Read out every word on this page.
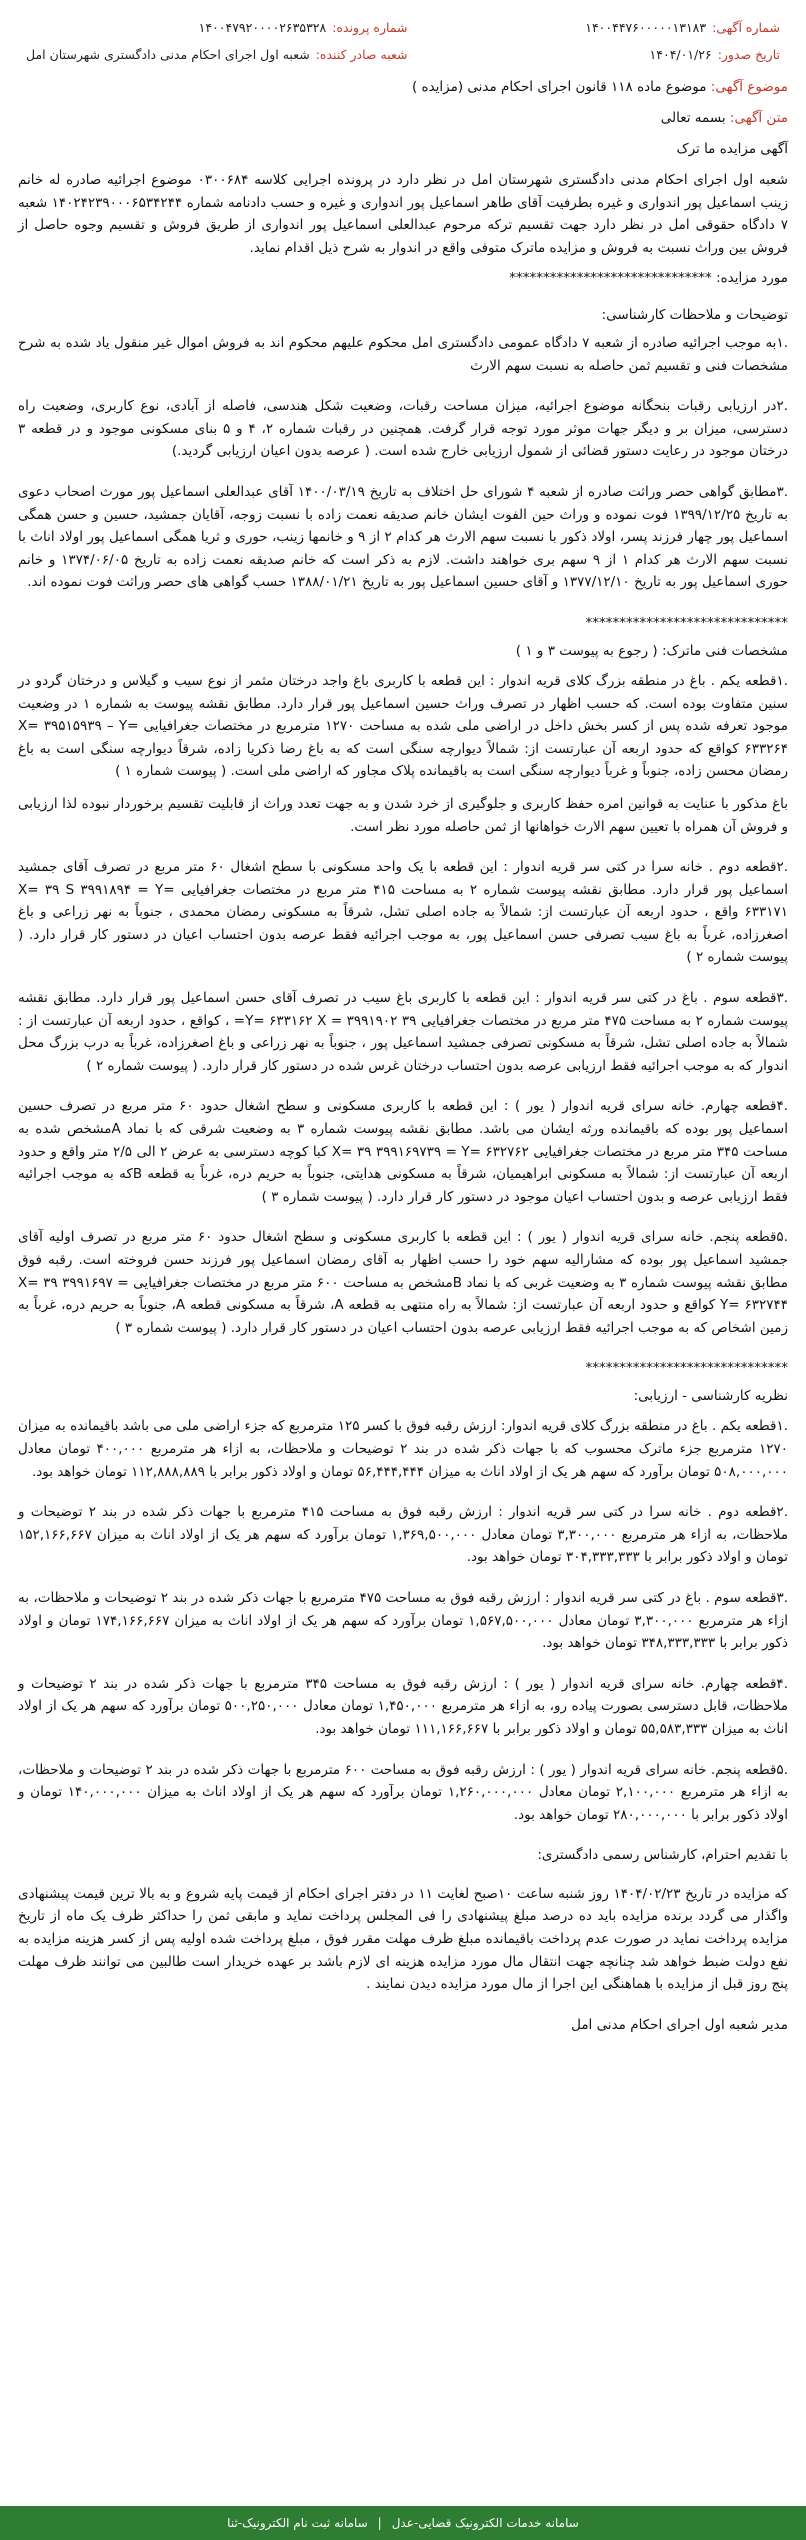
شماره آگهی:۱۴۰۰۴۴۷۶۰۰۰۰۰۱۳۱۸۳
شماره پرونده:۱۴۰۰۴۷۹۲۰۰۰۰۲۶۳۵۳۲۸
تاریخ صدور:۱۴۰۴/۰۱/۲۶
شعبه صادر کننده:شعبه اول اجرای احکام مدنی دادگستری شهرستان امل

موضوع آگهی: موضوع ماده ۱۱۸ قانون اجرای احکام مدنی (مزایده )

متن آگهی: بسمه تعالی

آگهی مزایده ما ترک

شعبه اول اجرای احکام مدنی دادگستری شهرستان امل در نظر دارد در پرونده اجرایی کلاسه ۰۳۰۰۶۸۴ موضوع اجرائیه صادره له خانم زینب اسماعیل پور اندواری و غیره بطرفیت آقای طاهر اسماعیل پور اندواری و غیره و حسب دادنامه شماره ۱۴۰۲۴۲۳۹۰۰۰۶۵۳۴۲۴۴ شعبه ۷ دادگاه حقوقی امل در نظر دارد جهت تقسیم ترکه مرحوم عبدالعلی اسماعیل پور اندواری از طریق فروش و تقسیم وجوه حاصل از فروش بین وراث نسبت به فروش و مزایده ماترک متوفی واقع در اندوار به شرح ذیل اقدام نماید.

مورد مزایده: ******************************

توضیحات و ملاحظات کارشناسی:

.۱به موجب اجرائیه صادره از شعبه ۷ دادگاه عمومی دادگستری امل محکوم علیهم محکوم اند به فروش اموال غیر منقول یاد شده به شرح مشخصات فنی و تقسیم ثمن حاصله به نسبت سهم الارث

.۲در ارزیابی رقبات بنحگانه موضوع اجرائیه، میزان مساحت رقبات، وضعیت شکل هندسی، فاصله از آبادی، نوع کاربری، وضعیت راه دسترسی، میزان بر و دیگر جهات موثر مورد توجه قرار گرفت. همچنین در رقبات شماره ۲، ۴ و ۵ بنای مسکونی موجود و در قطعه ۳ درختان موجود در رعایت دستور قضائی از شمول ارزیابی خارج شده است. ( عرصه بدون اعیان ارزیابی گردید.)

.۳مطابق گواهی حصر وراثت صادره از شعبه ۴ شورای حل اختلاف به تاریخ ۱۴۰۰/۰۳/۱۹ آقای عبدالعلی اسماعیل پور مورث اصحاب دعوی به تاریخ ۱۳۹۹/۱۲/۲۵ فوت نموده و وراث حین الفوت ایشان خانم صدیقه نعمت زاده با نسبت زوجه، آقایان جمشید، حسین و حسن همگی اسماعیل پور چهار فرزند پسر، اولاد ذکور با نسبت سهم الارث هر کدام ۲ از ۹ و خانمها زینب، حوری و ثریا همگی اسماعیل پور اولاد اناث با نسبت سهم الارث هر کدام ۱ از ۹ سهم بری خواهند داشت. لازم به ذکر است که خانم صدیقه نعمت زاده به تاریخ ۱۳۷۴/۰۶/۰۵ و خانم حوری اسماعیل پور به تاریخ ۱۳۷۷/۱۲/۱۰ و آقای حسین اسماعیل پور به تاریخ ۱۳۸۸/۰۱/۲۱ حسب گواهی های حصر وراثت فوت نموده اند.

******************************

مشخصات فنی ماترک: ( رجوع به پیوست ۳ و ۱ )

.۱قطعه یکم . باغ در منطقه بزرگ کلای قریه اندوار : این قطعه با کاربری باغ واجد درختان مثمر از نوع سیب و گیلاس و درختان گردو در سنین متفاوت بوده است. که حسب اظهار در تصرف وراث حسین اسماعیل پور قرار دارد. مطابق نقشه پیوست به شماره ۱ در وضعیت موجود تعرفه شده پس از کسر بخش داخل در اراضی ملی شده به مساحت ۱۲۷۰ مترمربع در مختصات جغرافیایی X= ۳۹۵۱۵۹۳۹ – Y= ۶۳۳۲۶۴ کواقع که حدود اربعه آن عبارتست از: شمالاً دیوارچه سنگی است که به باغ رضا ذکریا زاده، شرقاً دیوارچه سنگی است به باغ رمضان محسن زاده، جنوباً و غرباً دیوارچه سنگی است به باقیمانده پلاک مجاور که اراضی ملی است. ( پیوست شماره ۱ )

باغ مذکور با عنایت به قوانین امره حفظ کاربری و جلوگیری از خرد شدن و به جهت تعدد وراث از قابلیت تقسیم برخوردار نبوده لذا ارزیابی و فروش آن همراه با تعیین سهم الارث خواهانها از ثمن حاصله مورد نظر است.

.۲قطعه دوم . خانه سرا در کتی سر قریه اندوار : این قطعه با یک واحد مسکونی با سطح اشغال ۶۰ متر مربع در تصرف آقای جمشید اسماعیل پور قرار دارد. مطابق نقشه پیوست شماره ۲ به مساحت ۴۱۵ متر مربع در مختصات جغرافیایی X= ۳۹ S ۳۹۹۱۸۹۴ = Y= ۶۳۳۱۷۱ واقع ، حدود اربعه آن عبارتست از: شمالاً به جاده اصلی تشل، شرقاً به مسکونی رمضان محمدی ، جنوباً به نهر زراعی و باغ اصغرزاده، غرباً به باغ سیب تصرفی حسن اسماعیل پور، به موجب اجرائیه فقط عرصه بدون احتساب اعیان در دستور کار قرار دارد. ( پیوست شماره ۲ )

.۳قطعه سوم . باغ در کتی سر قریه اندوار : این قطعه با کاربری باغ سیب در تصرف آقای حسن اسماعیل پور قرار دارد. مطابق نقشه پیوست شماره ۲ به مساحت ۴۷۵ متر مربع در مختصات جغرافیایی ۳۹ ۳۹۹۱۹۰۲ = Y= ۶۳۳۱۶۲ X= ، کواقع ، حدود اربعه آن عبارتست از : شمالاً به جاده اصلی تشل، شرقاً به مسکونی تصرفی جمشید اسماعیل پور ، جنوباً به نهر زراعی و باغ اصغرزاده، غرباً به درب بزرگ محل اندوار که به موجب اجرائیه فقط ارزیابی عرصه بدون احتساب درختان غرس شده در دستور کار قرار دارد. ( پیوست شماره ۲ )

.۴قطعه چهارم. خانه سرای قریه اندوار ( یور ) : این قطعه با کاربری مسکونی و سطح اشغال حدود ۶۰ متر مربع در تصرف حسین اسماعیل پور بوده که باقیمانده ورثه ایشان می باشد. مطابق نقشه پیوست شماره ۳ به وضعیت شرقی که با نماد Aمشخص شده به مساحت ۳۴۵ متر مربع در مختصات جغرافیایی X= ۳۹ ۳۹۹۱۶۹۷۳۹ = Y= ۶۳۲۷۶۲ کبا کوچه دسترسی به عرض ۲ الی ۲/۵ متر واقع و حدود اربعه آن عبارتست از: شمالاً به مسکونی ابراهیمیان، شرقاً به مسکونی هدایتی، جنوباً به حریم دره، غرباً به قطعه Bکه به موجب اجرائیه فقط ارزیابی عرصه و بدون احتساب اعیان موجود در دستور کار قرار دارد. ( پیوست شماره ۳ )

.۵قطعه پنجم. خانه سرای قریه اندوار ( یور ) : این قطعه با کاربری مسکونی و سطح اشغال حدود ۶۰ متر مربع در تصرف اولیه آقای جمشید اسماعیل پور بوده که مشارالیه سهم خود را حسب اظهار به آقای رمضان اسماعیل پور فرزند حسن فروخته است. رقبه فوق مطابق نقشه پیوست شماره ۳ به وضعیت غربی که با نماد Bمشخص به مساحت ۶۰۰ متر مربع در مختصات جغرافیایی X= ۳۹ ۳۹۹۱۶۹۷ = Y= ۶۳۲۷۴۴ کواقع و حدود اربعه آن عبارتست از: شمالاً به راه منتهی به قطعه A، شرقاً به مسکونی قطعه A، جنوباً به حریم دره، غرباً به زمین اشخاص که به موجب اجرائیه فقط ارزیابی عرصه بدون احتساب اعیان در دستور کار قرار دارد. ( پیوست شماره ۳ )

******************************

نظریه کارشناسی - ارزیابی:

.۱قطعه یکم . باغ در منطقه بزرگ کلای قریه اندوار: ارزش رقبه فوق با کسر ۱۲۵ مترمربع که جزء اراضی ملی می باشد باقیمانده به میزان ۱۲۷۰ مترمربع جزء ماترک محسوب که با جهات ذکر شده در بند ۲ توضیحات و ملاحظات، به ازاء هر مترمربع ۴۰۰,۰۰۰ تومان معادل ۵۰۸,۰۰۰,۰۰۰ تومان برآورد که سهم هر یک از اولاد اناث به میزان ۵۶,۴۴۴,۴۴۴ تومان و اولاد ذکور برابر با ۱۱۲,۸۸۸,۸۸۹ تومان خواهد بود.

.۲قطعه دوم . خانه سرا در کتی سر قریه اندوار : ارزش رقبه فوق به مساحت ۴۱۵ مترمربع با جهات ذکر شده در بند ۲ توضیحات و ملاحظات، به ازاء هر مترمربع ۳,۳۰۰,۰۰۰ تومان معادل ۱,۳۶۹,۵۰۰,۰۰۰ تومان برآورد که سهم هر یک از اولاد اناث به میزان ۱۵۲,۱۶۶,۶۶۷ تومان و اولاد ذکور برابر با ۳۰۴,۳۳۳,۳۳۳ تومان خواهد بود.

.۳قطعه سوم . باغ در کتی سر قریه اندوار : ارزش رقبه فوق به مساحت ۴۷۵ مترمربع با جهات ذکر شده در بند ۲ توضیحات و ملاحظات، به ازاء هر مترمربع ۳,۳۰۰,۰۰۰ تومان معادل ۱,۵۶۷,۵۰۰,۰۰۰ تومان برآورد که سهم هر یک از اولاد اناث به میزان ۱۷۴,۱۶۶,۶۶۷ تومان و اولاد ذکور برابر با ۳۴۸,۳۳۳,۳۳۳ تومان خواهد بود.

.۴قطعه چهارم. خانه سرای قریه اندوار ( یور ) : ارزش رقبه فوق به مساحت ۳۴۵ مترمربع با جهات ذکر شده در بند ۲ توضیحات و ملاحظات، قابل دسترسی بصورت پیاده رو، به ازاء هر مترمربع ۱,۴۵۰,۰۰۰ تومان معادل ۵۰۰,۲۵۰,۰۰۰ تومان برآورد که سهم هر یک از اولاد اناث به میزان ۵۵,۵۸۳,۳۳۳ تومان و اولاد ذکور برابر با ۱۱۱,۱۶۶,۶۶۷ تومان خواهد بود.

.۵قطعه پنجم. خانه سرای قریه اندوار ( یور ) : ارزش رقبه فوق به مساحت ۶۰۰ مترمربع با جهات ذکر شده در بند ۲ توضیحات و ملاحظات، به ازاء هر مترمربع ۲,۱۰۰,۰۰۰ تومان معادل ۱,۲۶۰,۰۰۰,۰۰۰ تومان برآورد که سهم هر یک از اولاد اناث به میزان ۱۴۰,۰۰۰,۰۰۰ تومان و اولاد ذکور برابر با ۲۸۰,۰۰۰,۰۰۰ تومان خواهد بود.

با تقدیم احترام، کارشناس رسمی دادگستری:

که مزایده در تاریخ ۱۴۰۴/۰۲/۲۳ روز شنبه ساعت ۱۰صبح لغایت ۱۱ در دفتر اجرای احکام از قیمت پایه شروع و به بالا ترین قیمت پیشنهادی واگذار می گردد برنده مزایده باید ده درصد مبلغ پیشنهادی را فی المجلس پرداخت نماید و مابقی ثمن را حداکثر ظرف یک ماه از تاریخ مزایده پرداخت نماید در صورت عدم پرداخت باقیمانده مبلغ ظرف مهلت مقرر فوق ، مبلغ پرداخت شده اولیه پس از کسر هزینه مزایده به نفع دولت ضبط خواهد شد چنانچه جهت انتقال مال مورد مزایده هزینه ای لازم باشد بر عهده خریدار است طالبین می توانند ظرف مهلت پنج روز قبل از مزایده با هماهنگی این اجرا از مال مورد مزایده دیدن نمایند .

مدیر شعبه اول اجرای احکام مدنی امل

سامانه خدمات الکترونیک قضایی-عدل
|
سامانه ثبت نام الکترونیک-ثنا
